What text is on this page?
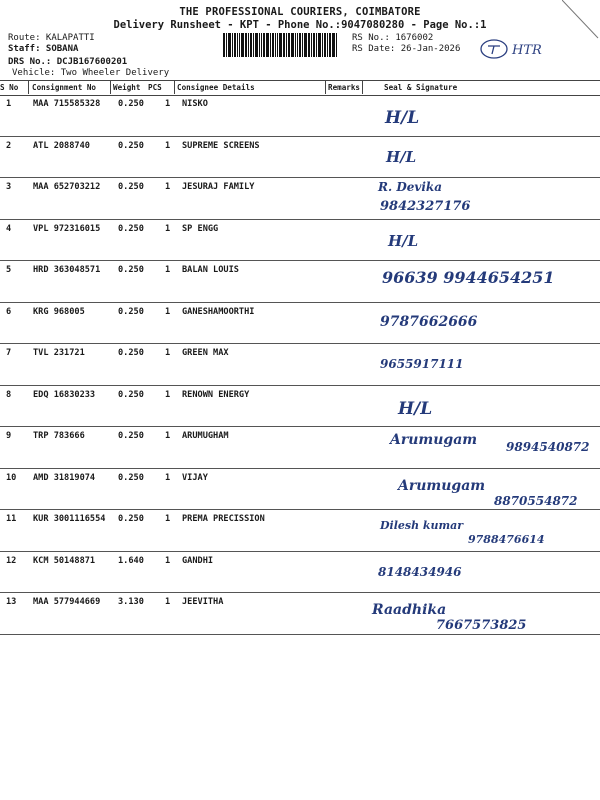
THE PROFESSIONAL COURIERS, COIMBATORE
Delivery Runsheet - KPT - Phone No.:9047080280 - Page No.:1
Route: KALAPATTI
Staff: SOBANA
DRS No.: DCJB167600201
Vehicle: Two Wheeler Delivery
RS No.: 1676002
RS Date: 26-Jan-2026	HTR
S No Consignment No Weight PCS Consignee Details	Remarks	Seal & Signature
1	MAA 715585328 0.250 1 NISKO
H/L
2	ATL 2088740	0.250 1 SUPREME SCREENS
H/L
3	MAA 652703212 0.250 1 JESURAJ FAMILY	R. Devika
9842327176
4	VPL 972316015 0.250 1 SP ENGG
H/L
5	HRD 363048571 0.250 1 BALAN LOUIS	96639 9944654251
6	KRG 968005	0.250 1 GANESHAMOORTHI
9787662666
7	TVL 231721	0.250 1 GREEN MAX
9655917111
8	EDQ 16830233	0.250 1 RENOWN ENERGY
H/L
9	TRP 783666	0.250 1 ARUMUGHAM	Arumugam 9894540872
10 AMD 31819074	0.250 1 VIJAY	Arumugam
8870554872
11 KUR 3001116554 0.250 1 PREMA PRECISSION	Dilesh kumar
9788476614
12 KCM 50148871	1.640 1 GANDHI
8148434946
13 MAA 577944669 3.130 1 JEEVITHA	Raadhika
7667573825
